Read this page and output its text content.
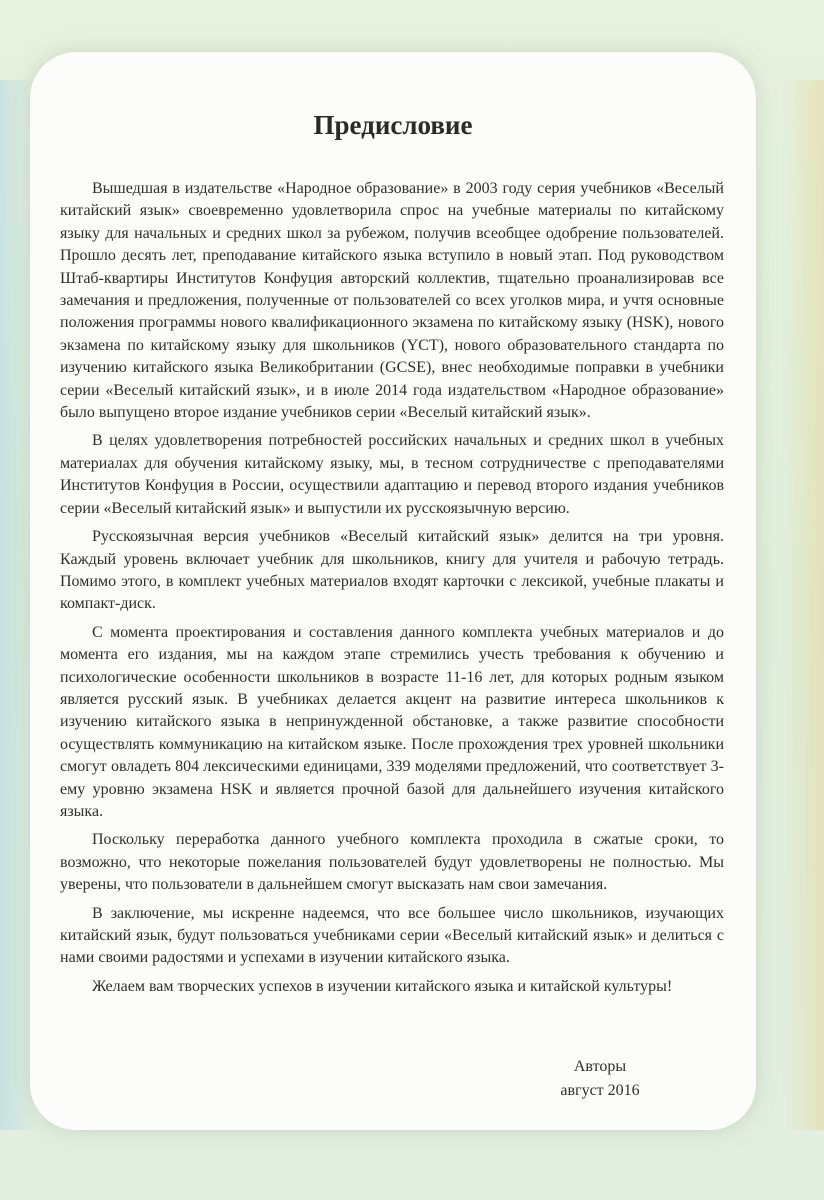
Предисловие

Вышедшая в издательстве «Народное образование» в 2003 году серия учебников «Веселый китайский язык» своевременно удовлетворила спрос на учебные материалы по китайскому языку для начальных и средних школ за рубежом, получив всеобщее одобрение пользователей. Прошло десять лет, преподавание китайского языка вступило в новый этап. Под руководством Штаб-квартиры Институтов Конфуция авторский коллектив, тщательно проанализировав все замечания и предложения, полученные от пользователей со всех уголков мира, и учтя основные положения программы нового квалификационного экзамена по китайскому языку (HSK), нового экзамена по китайскому языку для школьников (YCT), нового образовательного стандарта по изучению китайского языка Великобритании (GCSE), внес необходимые поправки в учебники серии «Веселый китайский язык», и в июле 2014 года издательством «Народное образование» было выпущено второе издание учебников серии «Веселый китайский язык».

В целях удовлетворения потребностей российских начальных и средних школ в учебных материалах для обучения китайскому языку, мы, в тесном сотрудничестве с преподавателями Институтов Конфуция в России, осуществили адаптацию и перевод второго издания учебников серии «Веселый китайский язык» и выпустили их русскоязычную версию.

Русскоязычная версия учебников «Веселый китайский язык» делится на три уровня. Каждый уровень включает учебник для школьников, книгу для учителя и рабочую тетрадь. Помимо этого, в комплект учебных материалов входят карточки с лексикой, учебные плакаты и компакт-диск.

С момента проектирования и составления данного комплекта учебных материалов и до момента его издания, мы на каждом этапе стремились учесть требования к обучению и психологические особенности школьников в возрасте 11-16 лет, для которых родным языком является русский язык. В учебниках делается акцент на развитие интереса школьников к изучению китайского языка в непринужденной обстановке, а также развитие способности осуществлять коммуникацию на китайском языке. После прохождения трех уровней школьники смогут овладеть 804 лексическими единицами, 339 моделями предложений, что соответствует 3-ему уровню экзамена HSK и является прочной базой для дальнейшего изучения китайского языка.

Поскольку переработка данного учебного комплекта проходила в сжатые сроки, то возможно, что некоторые пожелания пользователей будут удовлетворены не полностью. Мы уверены, что пользователи в дальнейшем смогут высказать нам свои замечания.

В заключение, мы искренне надеемся, что все большее число школьников, изучающих китайский язык, будут пользоваться учебниками серии «Веселый китайский язык» и делиться с нами своими радостями и успехами в изучении китайского языка.

Желаем вам творческих успехов в изучении китайского языка и китайской культуры!

Авторы
август 2016
